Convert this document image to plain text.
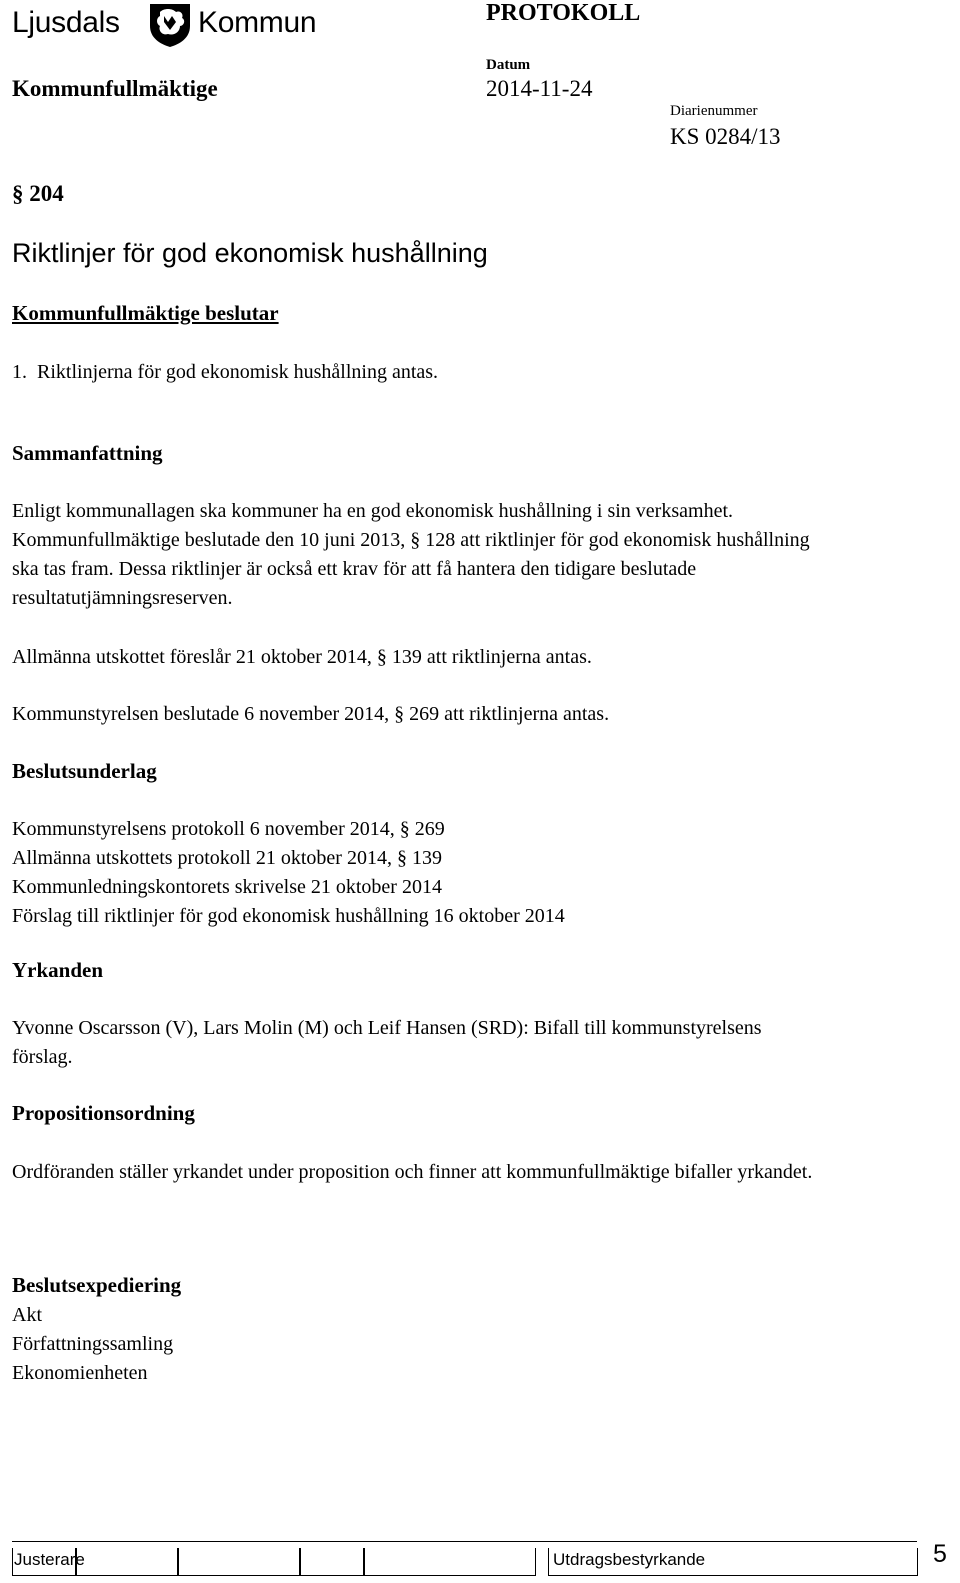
Ljusdals	Kommun	PROTOKOLL
Kommunfullmäktige
Datum
2014-11-24
Diarienummer
KS 0284/13
§ 204
Riktlinjer för god ekonomisk hushållning
Kommunfullmäktige beslutar
1.  Riktlinjerna för god ekonomisk hushållning antas.
Sammanfattning

Enligt kommunallagen ska kommuner ha en god ekonomisk hushållning i sin verksamhet. Kommunfullmäktige beslutade den 10 juni 2013, § 128 att riktlinjer för god ekonomisk hushållning ska tas fram. Dessa riktlinjer är också ett krav för att få hantera den tidigare beslutade resultatutjämningsreserven.

Allmänna utskottet föreslår 21 oktober 2014, § 139 att riktlinjerna antas.
Kommunstyrelsen beslutade 6 november 2014, § 269 att riktlinjerna antas.
Beslutsunderlag
Kommunstyrelsens protokoll 6 november 2014, § 269
Allmänna utskottets protokoll 21 oktober 2014, § 139
Kommunledningskontorets skrivelse 21 oktober 2014
Förslag till riktlinjer för god ekonomisk hushållning 16 oktober 2014
Yrkanden
Yvonne Oscarsson (V), Lars Molin (M) och Leif Hansen (SRD): Bifall till kommunstyrelsens förslag.
Propositionsordning
Ordföranden ställer yrkandet under proposition och finner att kommunfullmäktige bifaller yrkandet.
Beslutsexpediering
Akt
Författningssamling
Ekonomienheten
Justerare	Utdragsbestyrkande	5
